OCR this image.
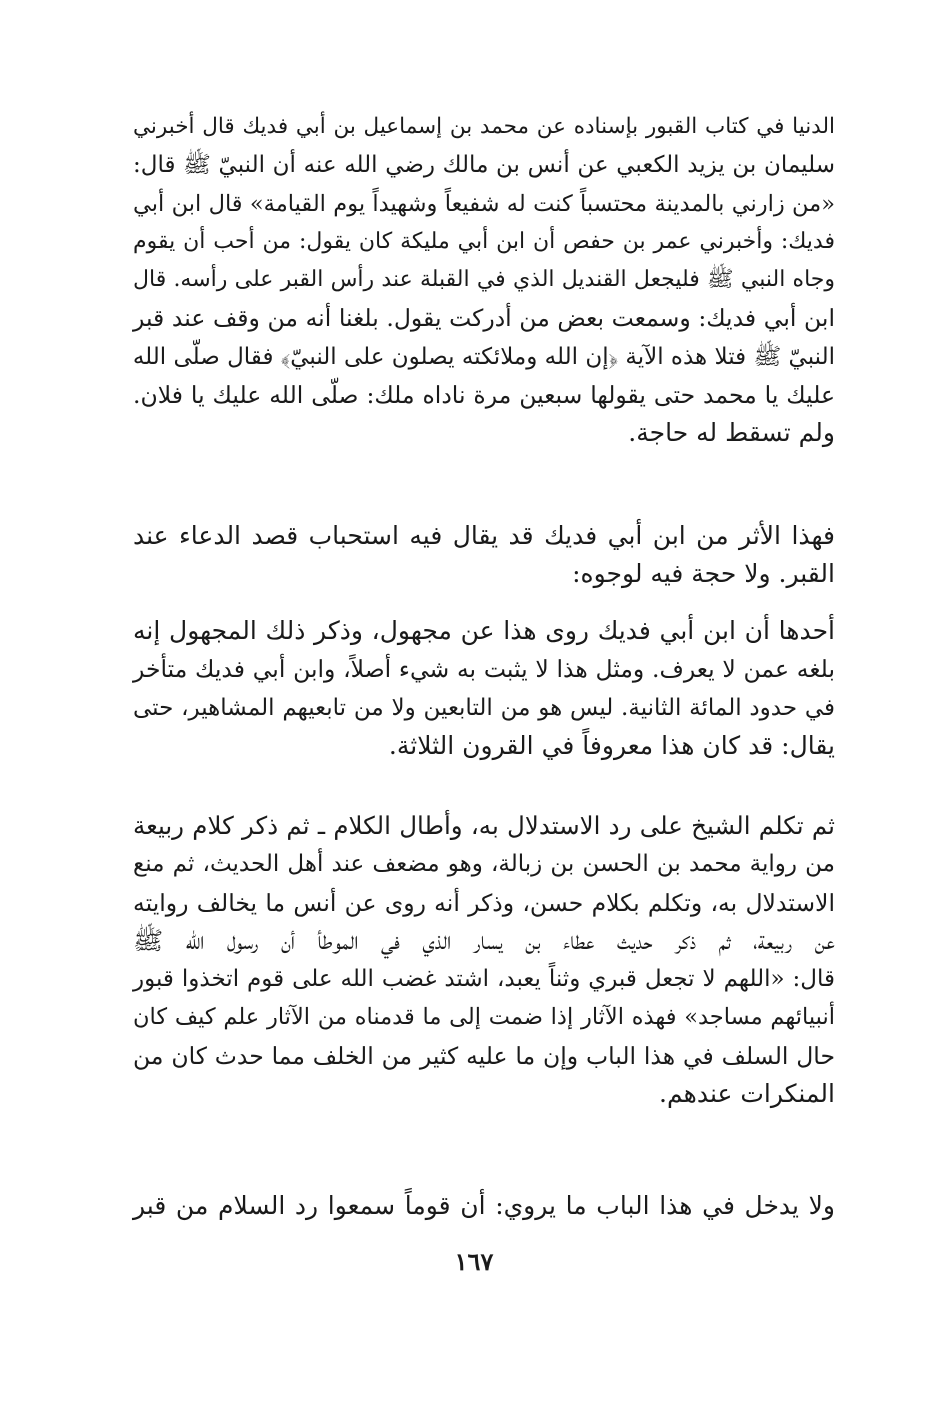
الدنيا في كتاب القبور بإسناده عن محمد بن إسماعيل بن أبي فديك قال أخبرني
سليمان بن يزيد الكعبي عن أنس بن مالك رضي الله عنه أن النبيّ ﷺ قال:
«من زارني بالمدينة محتسباً كنت له شفيعاً وشهيداً يوم القيامة» قال ابن أبي
فديك: وأخبرني عمر بن حفص أن ابن أبي مليكة كان يقول: من أحب أن يقوم
وجاه النبي ﷺ فليجعل القنديل الذي في القبلة عند رأس القبر على رأسه. قال
ابن أبي فديك: وسمعت بعض من أدركت يقول. بلغنا أنه من وقف عند قبر
النبيّ ﷺ فتلا هذه الآية ﴿إن الله وملائكته يصلون على النبيّ﴾ فقال صلّى الله
عليك يا محمد حتى يقولها سبعين مرة ناداه ملك: صلّى الله عليك يا فلان.
ولم تسقط له حاجة.
فهذا الأثر من ابن أبي فديك قد يقال فيه استحباب قصد الدعاء عند
القبر. ولا حجة فيه لوجوه:
أحدها أن ابن أبي فديك روى هذا عن مجهول، وذكر ذلك المجهول إنه
بلغه عمن لا يعرف. ومثل هذا لا يثبت به شيء أصلاً، وابن أبي فديك متأخر
في حدود المائة الثانية. ليس هو من التابعين ولا من تابعيهم المشاهير، حتى
يقال: قد كان هذا معروفاً في القرون الثلاثة.
ثم تكلم الشيخ على رد الاستدلال به، وأطال الكلام ـ ثم ذكر كلام ربيعة
من رواية محمد بن الحسن بن زبالة، وهو مضعف عند أهل الحديث، ثم منع
الاستدلال به، وتكلم بكلام حسن، وذكر أنه روى عن أنس ما يخالف روايته
عن ربيعة، ثم ذكر حديث عطاء بن يسار الذي في الموطأ أن رسول الله ﷺ
قال: «اللهم لا تجعل قبري وثناً يعبد، اشتد غضب الله على قوم اتخذوا قبور
أنبيائهم مساجد» فهذه الآثار إذا ضمت إلى ما قدمناه من الآثار علم كيف كان
حال السلف في هذا الباب وإن ما عليه كثير من الخلف مما حدث كان من
المنكرات عندهم.
ولا يدخل في هذا الباب ما يروي: أن قوماً سمعوا رد السلام من قبر
١٦٧
